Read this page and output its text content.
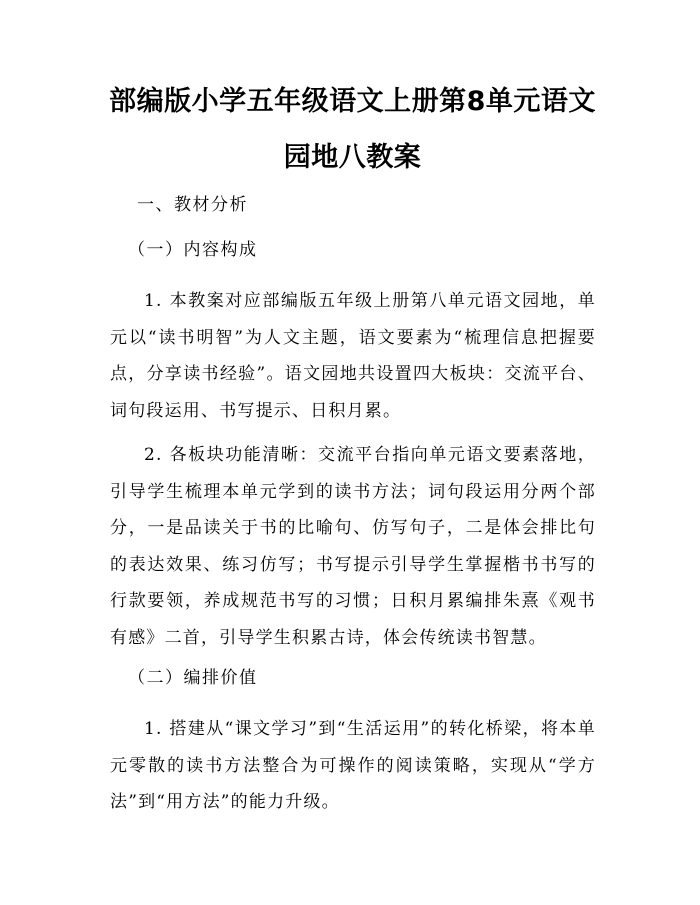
部编版小学五年级语文上册第8单元语文园地八教案

一、教材分析

（一）内容构成

1. 本教案对应部编版五年级上册第八单元语文园地，单元以“读书明智”为人文主题，语文要素为“梳理信息把握要点，分享读书经验”。语文园地共设置四大板块：交流平台、词句段运用、书写提示、日积月累。

2. 各板块功能清晰：交流平台指向单元语文要素落地，引导学生梳理本单元学到的读书方法；词句段运用分两个部分，一是品读关于书的比喻句、仿写句子，二是体会排比句的表达效果、练习仿写；书写提示引导学生掌握楷书书写的行款要领，养成规范书写的习惯；日积月累编排朱熹《观书有感》二首，引导学生积累古诗，体会传统读书智慧。

（二）编排价值

1. 搭建从“课文学习”到“生活运用”的转化桥梁，将本单元零散的读书方法整合为可操作的阅读策略，实现从“学方法”到“用方法”的能力升级。
